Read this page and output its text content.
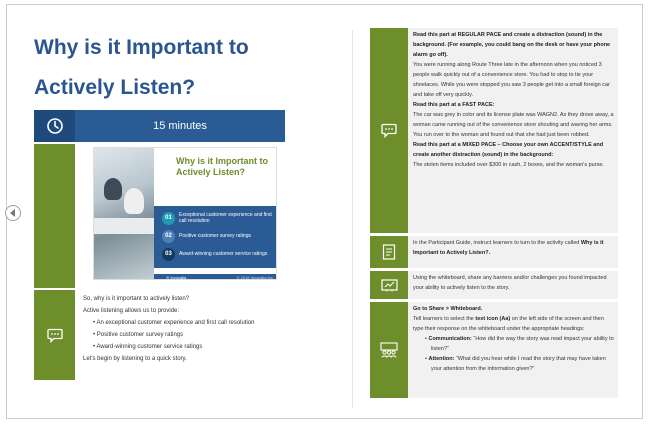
Why is it Important to Actively Listen?
15 minutes
Why is it Important to Actively Listen?
01	Exceptional customer experience and first call resolution
02	Positive customer survey ratings
03	Award-winning customer service ratings
◎ invocalia	© 2018 Invocalia Inc.

So, why is it important to actively listen?

Active listening allows us to provide:

• An exceptional customer experience and first call resolution
• Positive customer survey ratings
• Award-winning customer service ratings

Let's begin by listening to a quick story.

Read this part at REGULAR PACE and create a distraction (sound) in the background. (For example, you could bang on the desk or have your phone alarm go off).

You were running along Route Three late in the afternoon when you noticed 3 people walk quickly out of a convenience store. You had to stop to tie your shoelaces. While you were stopped you saw 3 people get into a small foreign car and take off very quickly.

Read this part at a FAST PACE:

The car was grey in color and its license plate was WAGN2. As they drove away, a woman came running out of the convenience store shouting and waving her arms. You run over to the woman and found out that she had just been robbed.

Read this part at a MIXED PACE – Choose your own ACCENT/STYLE and create another distraction (sound) in the background:

The stolen items included over $300 in cash, 2 boxes, and the woman's purse.

In the Participant Guide, instruct learners to turn to the activity called Why is it Important to Actively Listen?.
Using the whiteboard, share any barriers and/or challenges you found impacted your ability to actively listen to the story.

Go to Share > Whiteboard.

Tell learners to select the text icon (Aa) on the left side of the screen and then type their response on the whiteboard under the appropriate headings:

• Communication: “How did the way the story was read impact your ability to listen?”
• Attention: “What did you hear while I read the story that may have taken your attention from the information given?”
